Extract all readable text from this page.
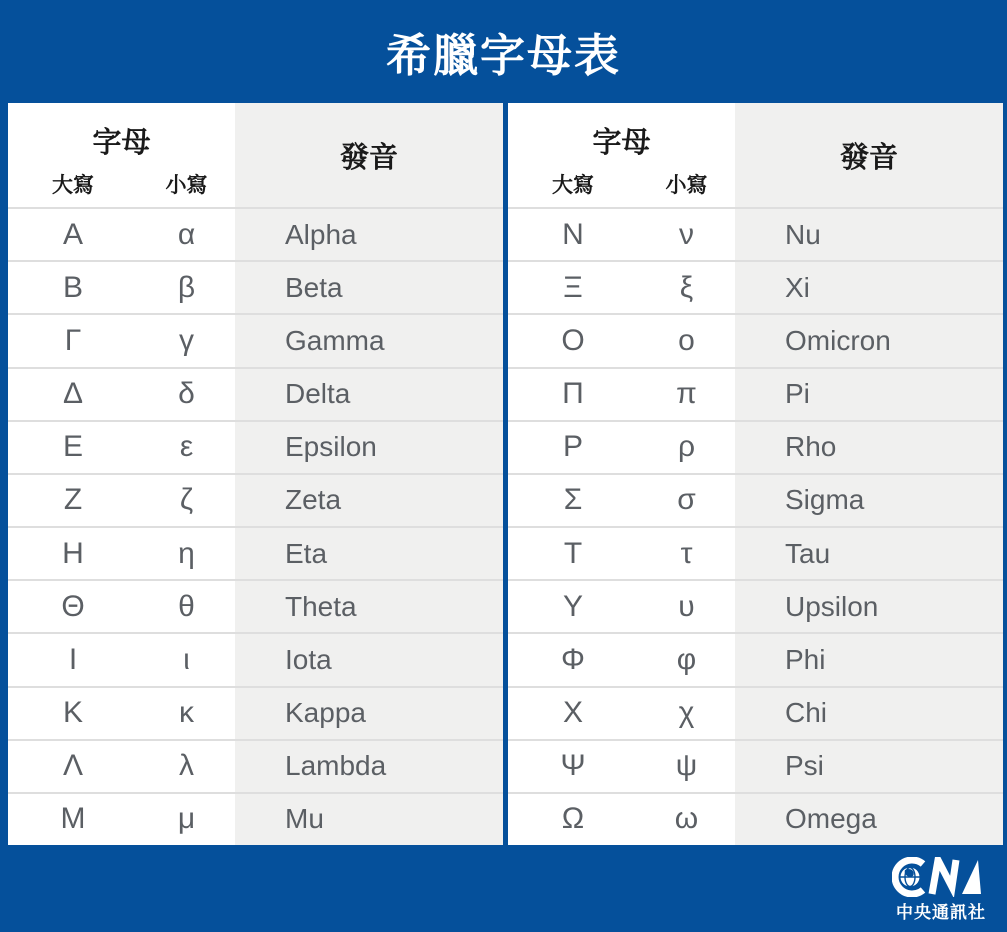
希臘字母表
字母
大寫	小寫
發音
Α	α	Alpha
Β	β	Beta
Γ	γ	Gamma
Δ	δ	Delta
Ε	ε	Epsilon
Ζ	ζ	Zeta
Η	η	Eta
Θ	θ	Theta
Ι	ι	Iota
Κ	κ	Kappa
Λ	λ	Lambda
Μ	μ	Mu
字母
大寫	小寫
發音
Ν	ν	Nu
Ξ	ξ	Xi
Ο	ο	Omicron
Π	π	Pi
Ρ	ρ	Rho
Σ	σ	Sigma
Τ	τ	Tau
Υ	υ	Upsilon
Φ	φ	Phi
Χ	χ	Chi
Ψ	ψ	Psi
Ω	ω	Omega
中央通訊社
